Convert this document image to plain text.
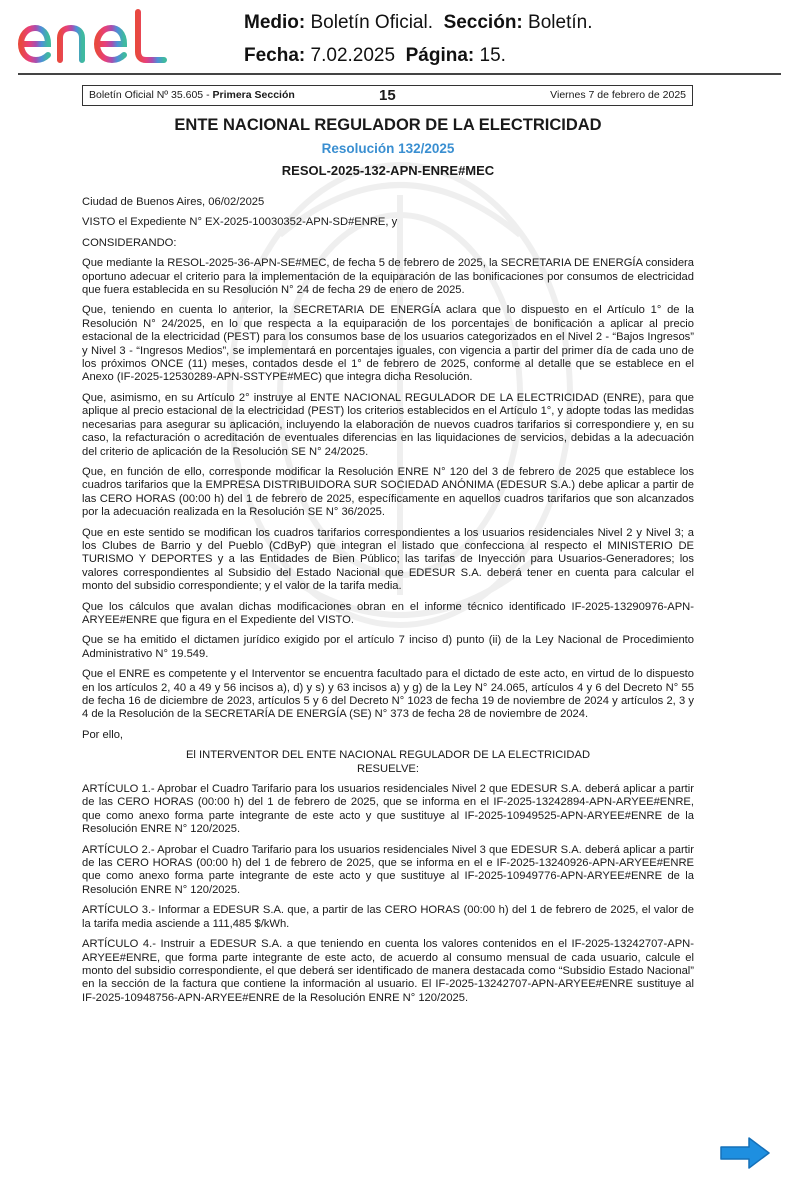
Medio: Boletín Oficial. Sección: Boletín.
Fecha: 7.02.2025 Página: 15.
Boletín Oficial Nº 35.605 - Primera Sección	15	Viernes 7 de febrero de 2025
ENTE NACIONAL REGULADOR DE LA ELECTRICIDAD
Resolución 132/2025
RESOL-2025-132-APN-ENRE#MEC

Ciudad de Buenos Aires, 06/02/2025

VISTO el Expediente N° EX-2025-10030352-APN-SD#ENRE, y

CONSIDERANDO:

Que mediante la RESOL-2025-36-APN-SE#MEC, de fecha 5 de febrero de 2025, la SECRETARIA DE ENERGÍA considera oportuno adecuar el criterio para la implementación de la equiparación de las bonificaciones por consumos de electricidad que fuera establecida en su Resolución N° 24 de fecha 29 de enero de 2025.

Que, teniendo en cuenta lo anterior, la SECRETARIA DE ENERGÍA aclara que lo dispuesto en el Artículo 1° de la Resolución N° 24/2025, en lo que respecta a la equiparación de los porcentajes de bonificación a aplicar al precio estacional de la electricidad (PEST) para los consumos base de los usuarios categorizados en el Nivel 2 - “Bajos Ingresos” y Nivel 3 - “Ingresos Medios”, se implementará en porcentajes iguales, con vigencia a partir del primer día de cada uno de los próximos ONCE (11) meses, contados desde el 1° de febrero de 2025, conforme al detalle que se establece en el Anexo (IF-2025-12530289-APN-SSTYPE#MEC) que integra dicha Resolución.

Que, asimismo, en su Artículo 2° instruye al ENTE NACIONAL REGULADOR DE LA ELECTRICIDAD (ENRE), para que aplique al precio estacional de la electricidad (PEST) los criterios establecidos en el Artículo 1°, y adopte todas las medidas necesarias para asegurar su aplicación, incluyendo la elaboración de nuevos cuadros tarifarios si correspondiere y, en su caso, la refacturación o acreditación de eventuales diferencias en las liquidaciones de servicios, debidas a la adecuación del criterio de aplicación de la Resolución SE N° 24/2025.

Que, en función de ello, corresponde modificar la Resolución ENRE N° 120 del 3 de febrero de 2025 que establece los cuadros tarifarios que la EMPRESA DISTRIBUIDORA SUR SOCIEDAD ANÓNIMA (EDESUR S.A.) debe aplicar a partir de las CERO HORAS (00:00 h) del 1 de febrero de 2025, específicamente en aquellos cuadros tarifarios que son alcanzados por la adecuación realizada en la Resolución SE N° 36/2025.

Que en este sentido se modifican los cuadros tarifarios correspondientes a los usuarios residenciales Nivel 2 y Nivel 3; a los Clubes de Barrio y del Pueblo (CdByP) que integran el listado que confecciona al respecto el MINISTERIO DE TURISMO Y DEPORTES y a las Entidades de Bien Público; las tarifas de Inyección para Usuarios-Generadores; los valores correspondientes al Subsidio del Estado Nacional que EDESUR S.A. deberá tener en cuenta para calcular el monto del subsidio correspondiente; y el valor de la tarifa media.

Que los cálculos que avalan dichas modificaciones obran en el informe técnico identificado IF-2025-13290976-APN-ARYEE#ENRE que figura en el Expediente del VISTO.

Que se ha emitido el dictamen jurídico exigido por el artículo 7 inciso d) punto (ii) de la Ley Nacional de Procedimiento Administrativo N° 19.549.

Que el ENRE es competente y el Interventor se encuentra facultado para el dictado de este acto, en virtud de lo dispuesto en los artículos 2, 40 a 49 y 56 incisos a), d) y s) y 63 incisos a) y g) de la Ley N° 24.065, artículos 4 y 6 del Decreto N° 55 de fecha 16 de diciembre de 2023, artículos 5 y 6 del Decreto N° 1023 de fecha 19 de noviembre de 2024 y artículos 2, 3 y 4 de la Resolución de la SECRETARÍA DE ENERGÍA (SE) N° 373 de fecha 28 de noviembre de 2024.

Por ello,

El INTERVENTOR DEL ENTE NACIONAL REGULADOR DE LA ELECTRICIDAD

RESUELVE:

ARTÍCULO 1.- Aprobar el Cuadro Tarifario para los usuarios residenciales Nivel 2 que EDESUR S.A. deberá aplicar a partir de las CERO HORAS (00:00 h) del 1 de febrero de 2025, que se informa en el IF-2025-13242894-APN-ARYEE#ENRE, que como anexo forma parte integrante de este acto y que sustituye al IF-2025-10949525-APN-ARYEE#ENRE de la Resolución ENRE N° 120/2025.

ARTÍCULO 2.- Aprobar el Cuadro Tarifario para los usuarios residenciales Nivel 3 que EDESUR S.A. deberá aplicar a partir de las CERO HORAS (00:00 h) del 1 de febrero de 2025, que se informa en el e IF-2025-13240926-APN-ARYEE#ENRE que como anexo forma parte integrante de este acto y que sustituye al IF-2025-10949776-APN-ARYEE#ENRE de la Resolución ENRE N° 120/2025.

ARTÍCULO 3.- Informar a EDESUR S.A. que, a partir de las CERO HORAS (00:00 h) del 1 de febrero de 2025, el valor de la tarifa media asciende a 111,485 $/kWh.

ARTÍCULO 4.- Instruir a EDESUR S.A. a que teniendo en cuenta los valores contenidos en el IF-2025-13242707-APN-ARYEE#ENRE, que forma parte integrante de este acto, de acuerdo al consumo mensual de cada usuario, calcule el monto del subsidio correspondiente, el que deberá ser identificado de manera destacada como “Subsidio Estado Nacional” en la sección de la factura que contiene la información al usuario. El IF-2025-13242707-APN-ARYEE#ENRE sustituye al IF-2025-10948756-APN-ARYEE#ENRE de la Resolución ENRE N° 120/2025.
